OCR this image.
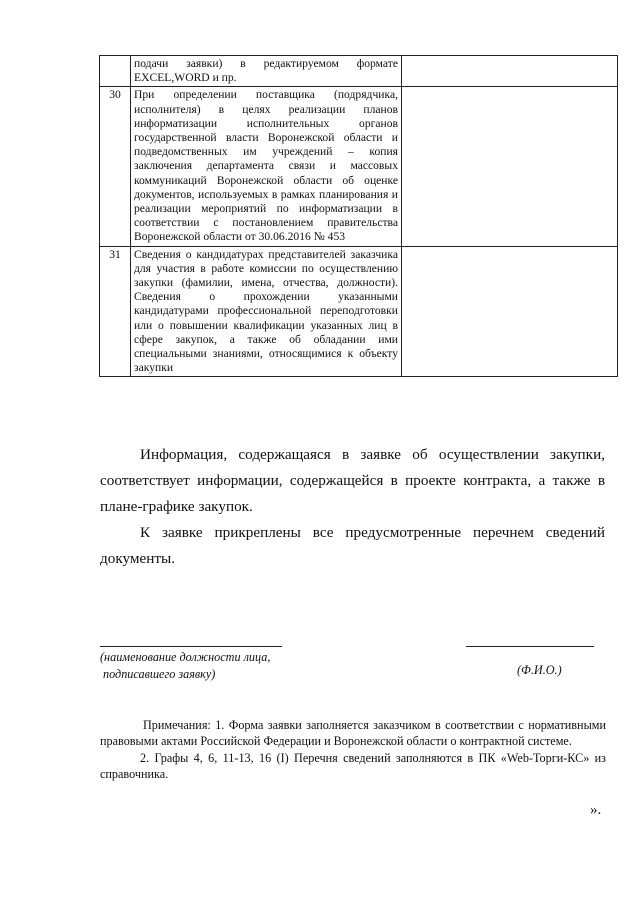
	подачи заявки) в редактируемом формате EXCEL,WORD и пр.	
30	При определении поставщика (подрядчика, исполнителя) в целях реализации планов информатизации исполнительных органов государственной власти Воронежской области и подведомственных им учреждений – копия заключения департамента связи и массовых коммуникаций Воронежской области об оценке документов, используемых в рамках планирования и реализации мероприятий по информатизации в соответствии с постановлением правительства Воронежской области от 30.06.2016 № 453	
31	Сведения о кандидатурах представителей заказчика для участия в работе комиссии по осуществлению закупки (фамилии, имена, отчества, должности). Сведения о прохождении указанными кандидатурами профессиональной переподготовки или о повышении квалификации указанных лиц в сфере закупок, а также об обладании ими специальными знаниями, относящимися к объекту закупки	

Информация, содержащаяся в заявке об осуществлении закупки, соответствует информации, содержащейся в проекте контракта, а также в плане-графике закупок.

К заявке прикреплены все предусмотренные перечнем сведений документы.

(наименование должности лица,
подписавшего заявку)	(Ф.И.О.)

Примечания: 1. Форма заявки заполняется заказчиком в соответствии с нормативными правовыми актами Российской Федерации и Воронежской области о контрактной системе.

2. Графы 4, 6, 11-13, 16 (I) Перечня сведений заполняются в ПК «Web-Торги-КС» из справочника.

».
